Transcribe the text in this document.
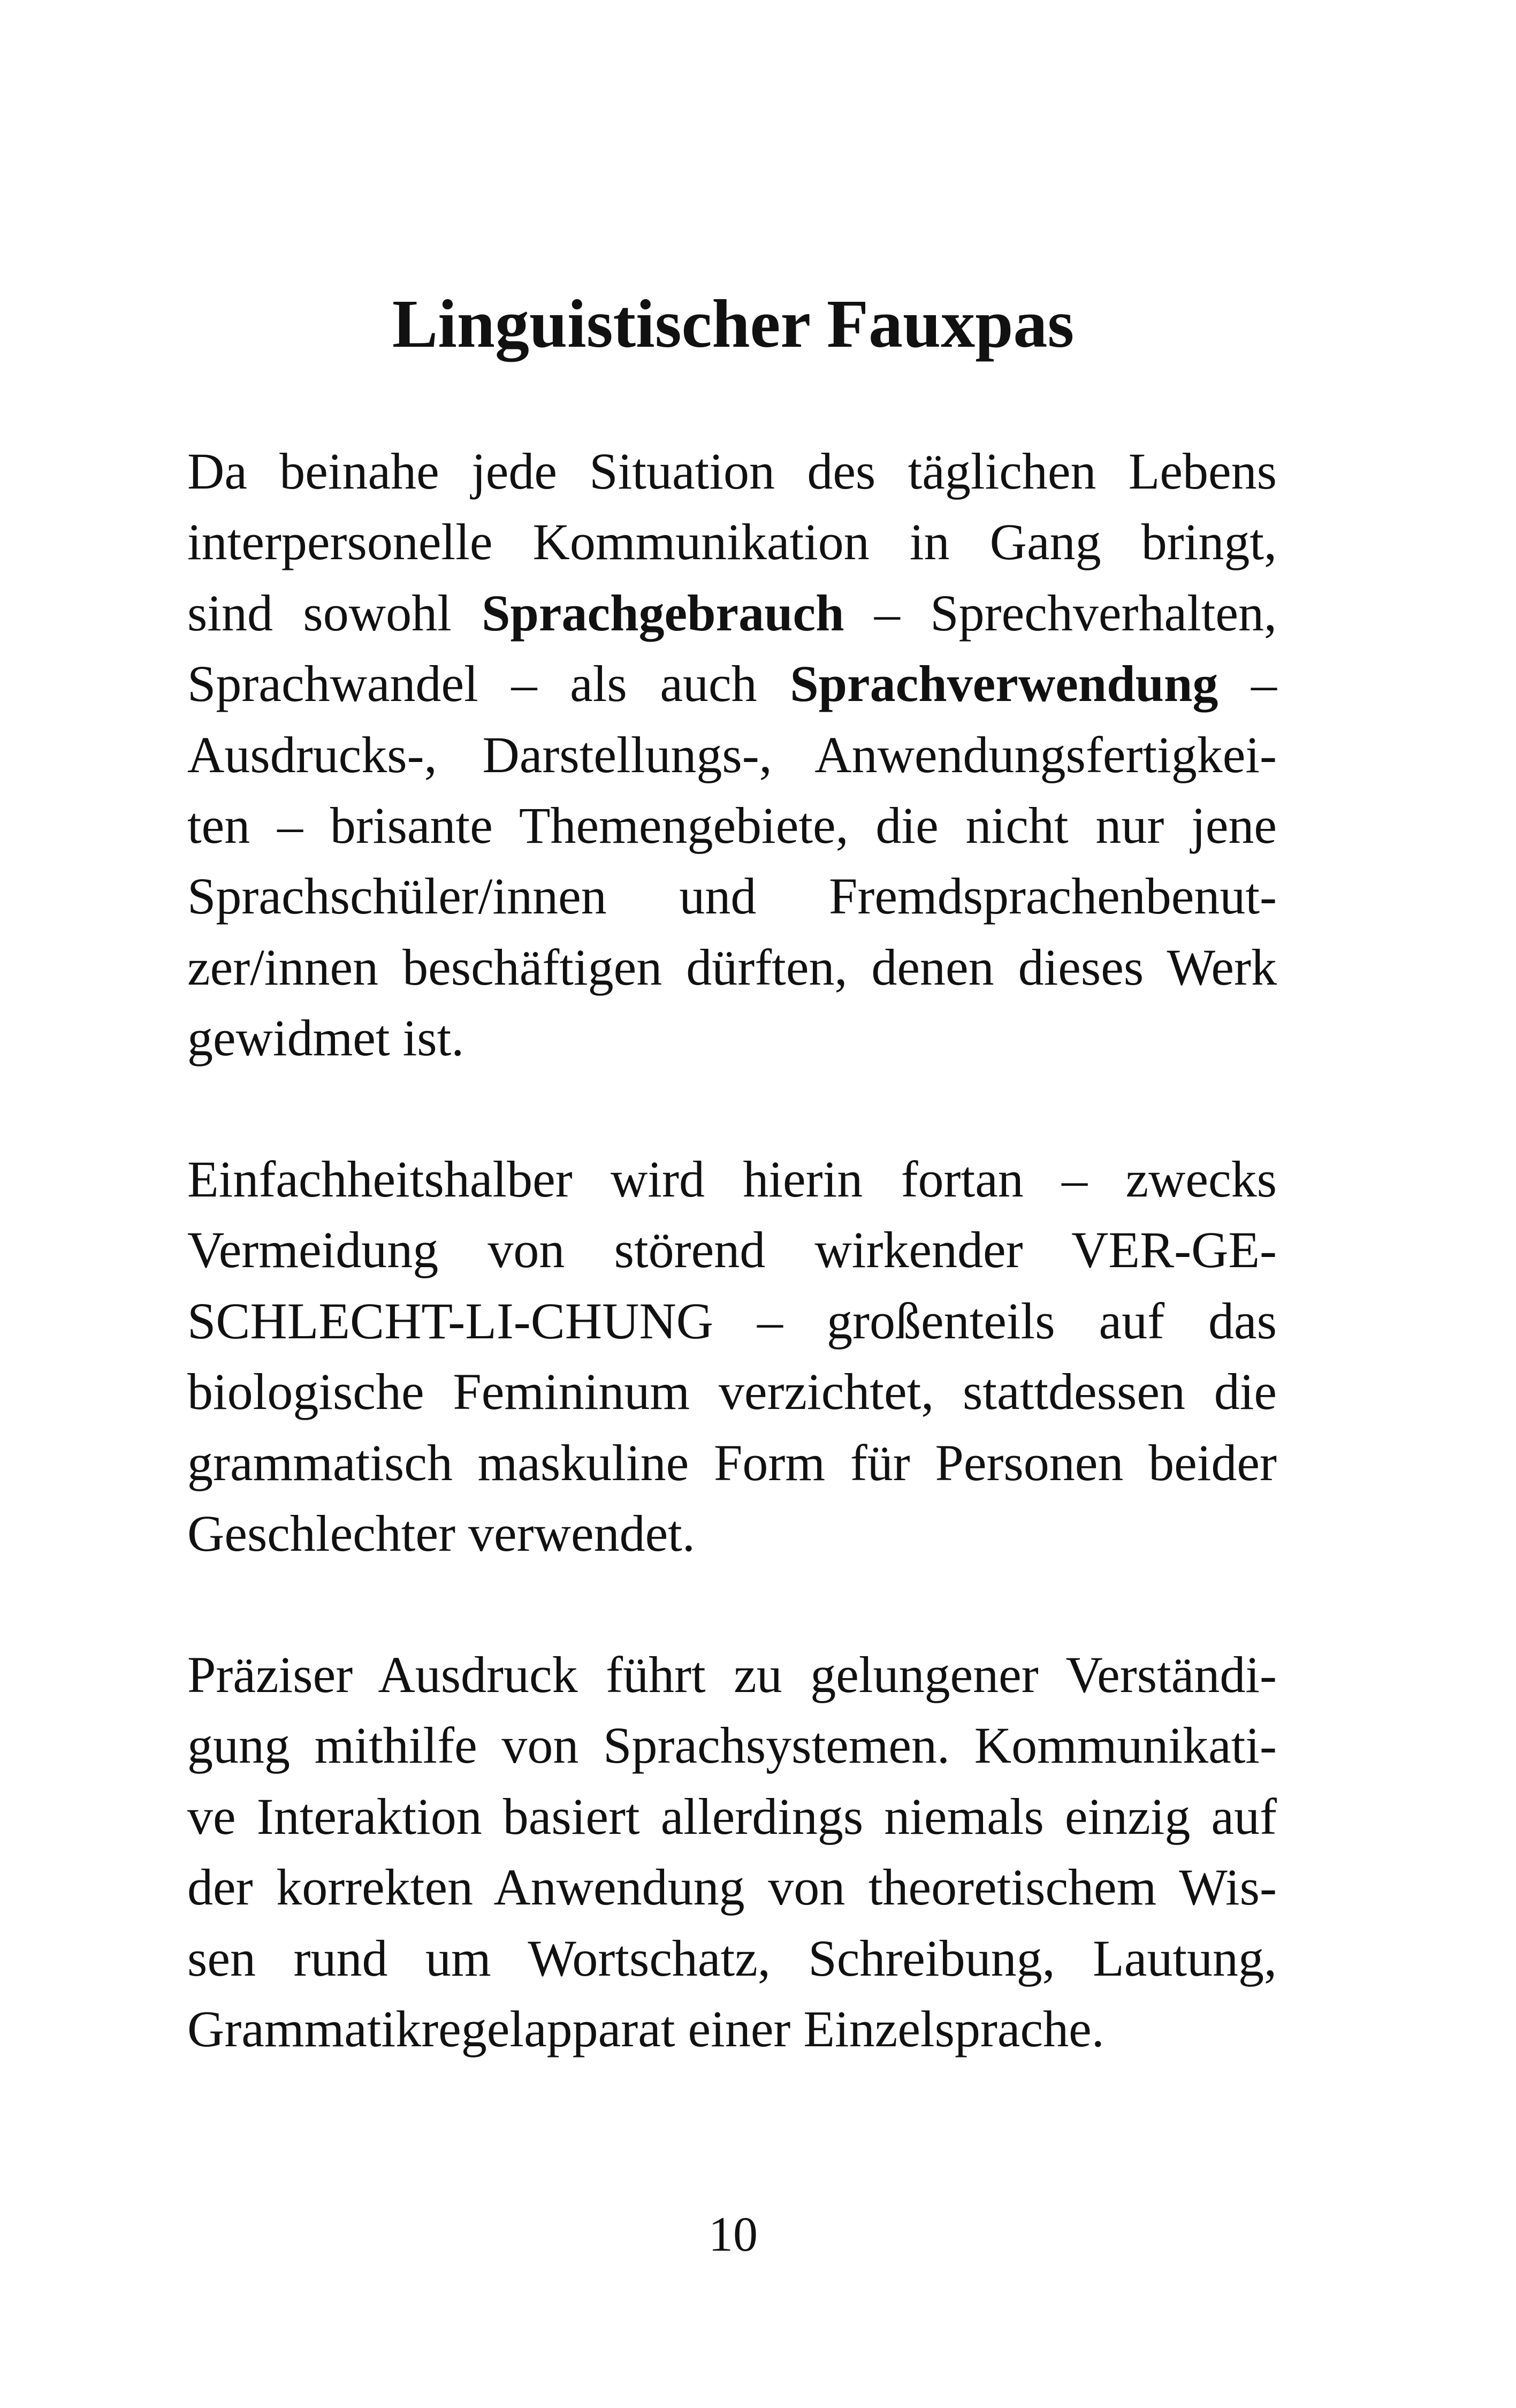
Linguistischer Fauxpas
Da beinahe jede Situation des täglichen Lebens
interpersonelle Kommunikation in Gang bringt,
sind sowohl Sprachgebrauch – Sprechverhalten,
Sprachwandel – als auch Sprachverwendung –
Ausdrucks-, Darstellungs-, Anwendungsfertigkei-
ten – brisante Themengebiete, die nicht nur jene
Sprachschüler/innen und Fremdsprachenbenut-
zer/innen beschäftigen dürften, denen dieses Werk
gewidmet ist.
Einfachheitshalber wird hierin fortan – zwecks
Vermeidung von störend wirkender VER-GE-
SCHLECHT-LI-CHUNG – großenteils auf das
biologische Femininum verzichtet, stattdessen die
grammatisch maskuline Form für Personen beider
Geschlechter verwendet.
Präziser Ausdruck führt zu gelungener Verständi-
gung mithilfe von Sprachsystemen. Kommunikati-
ve Interaktion basiert allerdings niemals einzig auf
der korrekten Anwendung von theoretischem Wis-
sen rund um Wortschatz, Schreibung, Lautung,
Grammatikregelapparat einer Einzelsprache.
10
